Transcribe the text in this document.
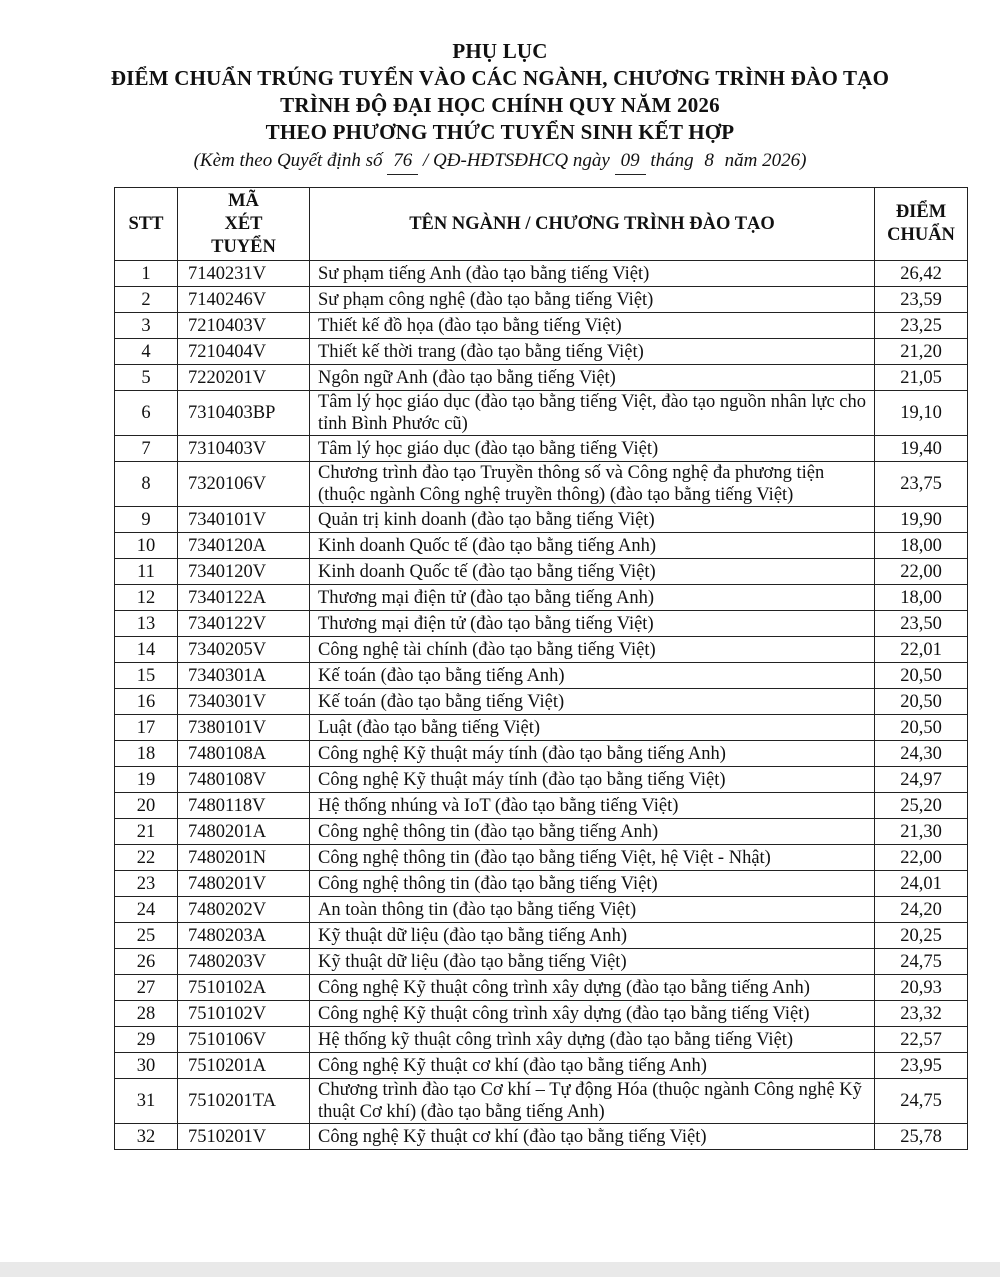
PHỤ LỤC
ĐIỂM CHUẨN TRÚNG TUYỂN VÀO CÁC NGÀNH, CHƯƠNG TRÌNH ĐÀO TẠO
TRÌNH ĐỘ ĐẠI HỌC CHÍNH QUY NĂM 2026
THEO PHƯƠNG THỨC TUYỂN SINH KẾT HỢP
(Kèm theo Quyết định số 76 / QĐ-HĐTSĐHCQ ngày 09 tháng 8 năm 2026)
STT	MÃ XÉT TUYỂN	TÊN NGÀNH / CHƯƠNG TRÌNH ĐÀO TẠO	ĐIỂM CHUẨN
1	7140231V	Sư phạm tiếng Anh (đào tạo bằng tiếng Việt)	26,42
2	7140246V	Sư phạm công nghệ (đào tạo bằng tiếng Việt)	23,59
3	7210403V	Thiết kế đồ họa (đào tạo bằng tiếng Việt)	23,25
4	7210404V	Thiết kế thời trang (đào tạo bằng tiếng Việt)	21,20
5	7220201V	Ngôn ngữ Anh (đào tạo bằng tiếng Việt)	21,05
6	7310403BP	Tâm lý học giáo dục (đào tạo bằng tiếng Việt, đào tạo nguồn nhân lực cho tỉnh Bình Phước cũ)	19,10
7	7310403V	Tâm lý học giáo dục (đào tạo bằng tiếng Việt)	19,40
8	7320106V	Chương trình đào tạo Truyền thông số và Công nghệ đa phương tiện (thuộc ngành Công nghệ truyền thông) (đào tạo bằng tiếng Việt)	23,75
9	7340101V	Quản trị kinh doanh (đào tạo bằng tiếng Việt)	19,90
10	7340120A	Kinh doanh Quốc tế (đào tạo bằng tiếng Anh)	18,00
11	7340120V	Kinh doanh Quốc tế (đào tạo bằng tiếng Việt)	22,00
12	7340122A	Thương mại điện tử (đào tạo bằng tiếng Anh)	18,00
13	7340122V	Thương mại điện tử (đào tạo bằng tiếng Việt)	23,50
14	7340205V	Công nghệ tài chính (đào tạo bằng tiếng Việt)	22,01
15	7340301A	Kế toán (đào tạo bằng tiếng Anh)	20,50
16	7340301V	Kế toán (đào tạo bằng tiếng Việt)	20,50
17	7380101V	Luật (đào tạo bằng tiếng Việt)	20,50
18	7480108A	Công nghệ Kỹ thuật máy tính (đào tạo bằng tiếng Anh)	24,30
19	7480108V	Công nghệ Kỹ thuật máy tính (đào tạo bằng tiếng Việt)	24,97
20	7480118V	Hệ thống nhúng và IoT (đào tạo bằng tiếng Việt)	25,20
21	7480201A	Công nghệ thông tin (đào tạo bằng tiếng Anh)	21,30
22	7480201N	Công nghệ thông tin (đào tạo bằng tiếng Việt, hệ Việt - Nhật)	22,00
23	7480201V	Công nghệ thông tin (đào tạo bằng tiếng Việt)	24,01
24	7480202V	An toàn thông tin (đào tạo bằng tiếng Việt)	24,20
25	7480203A	Kỹ thuật dữ liệu (đào tạo bằng tiếng Anh)	20,25
26	7480203V	Kỹ thuật dữ liệu (đào tạo bằng tiếng Việt)	24,75
27	7510102A	Công nghệ Kỹ thuật công trình xây dựng (đào tạo bằng tiếng Anh)	20,93
28	7510102V	Công nghệ Kỹ thuật công trình xây dựng (đào tạo bằng tiếng Việt)	23,32
29	7510106V	Hệ thống kỹ thuật công trình xây dựng (đào tạo bằng tiếng Việt)	22,57
30	7510201A	Công nghệ Kỹ thuật cơ khí (đào tạo bằng tiếng Anh)	23,95
31	7510201TA	Chương trình đào tạo Cơ khí – Tự động Hóa (thuộc ngành Công nghệ Kỹ thuật Cơ khí) (đào tạo bằng tiếng Anh)	24,75
32	7510201V	Công nghệ Kỹ thuật cơ khí (đào tạo bằng tiếng Việt)	25,78
